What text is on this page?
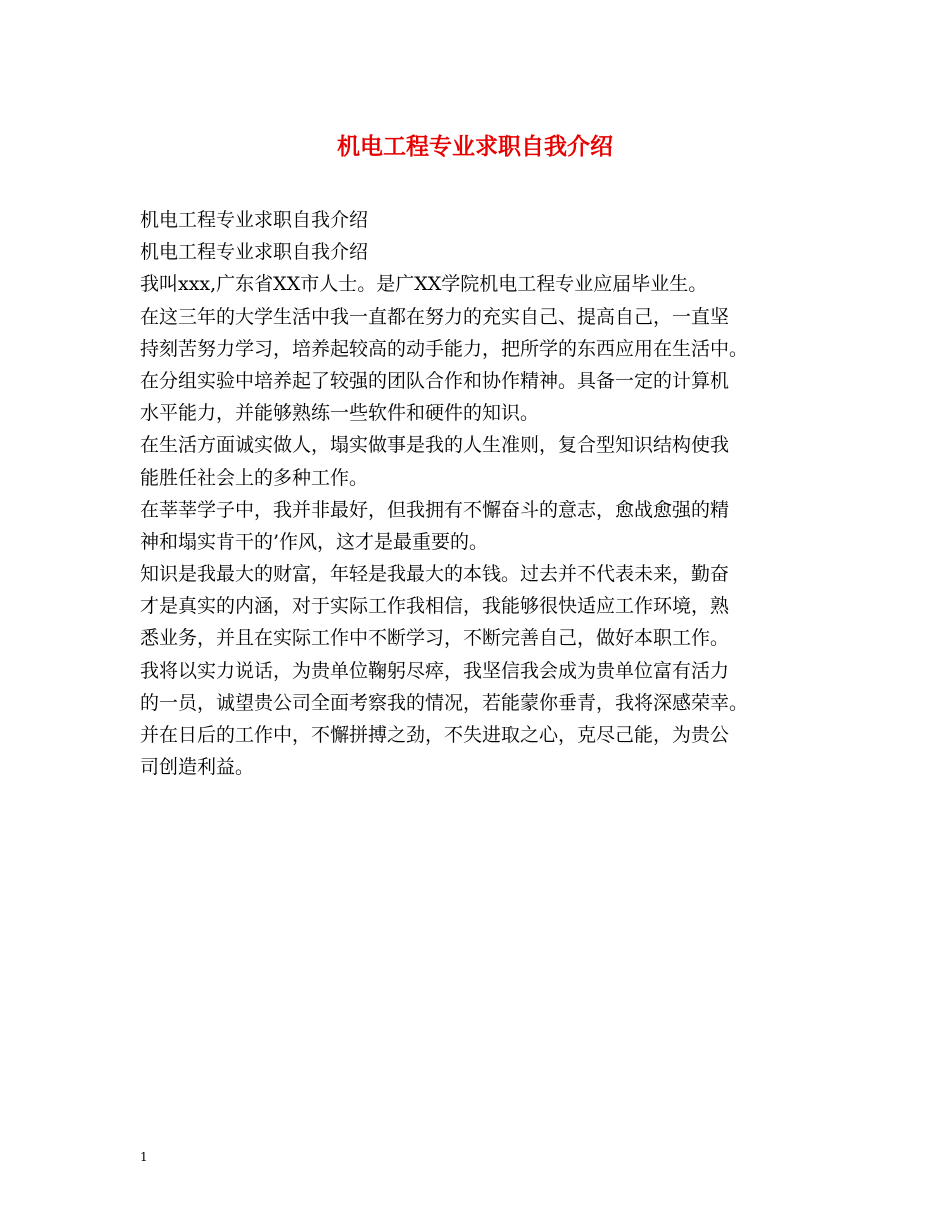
机电工程专业求职自我介绍

机电工程专业求职自我介绍

机电工程专业求职自我介绍

我叫xxx,广东省XX市人士。是广XX学院机电工程专业应届毕业生。

在这三年的大学生活中我一直都在努力的充实自己、提高自己，一直坚

持刻苦努力学习，培养起较高的动手能力，把所学的东西应用在生活中。

在分组实验中培养起了较强的团队合作和协作精神。具备一定的计算机

水平能力，并能够熟练一些软件和硬件的知识。

在生活方面诚实做人，塌实做事是我的人生准则，复合型知识结构使我

能胜任社会上的多种工作。

在莘莘学子中，我并非最好，但我拥有不懈奋斗的意志，愈战愈强的精

神和塌实肯干的’作风，这才是最重要的。

知识是我最大的财富，年轻是我最大的本钱。过去并不代表未来，勤奋

才是真实的内涵，对于实际工作我相信，我能够很快适应工作环境，熟

悉业务，并且在实际工作中不断学习，不断完善自己，做好本职工作。

我将以实力说话，为贵单位鞠躬尽瘁，我坚信我会成为贵单位富有活力

的一员，诚望贵公司全面考察我的情况，若能蒙你垂青，我将深感荣幸。

并在日后的工作中，不懈拼搏之劲，不失进取之心，克尽己能，为贵公

司创造利益。

1
